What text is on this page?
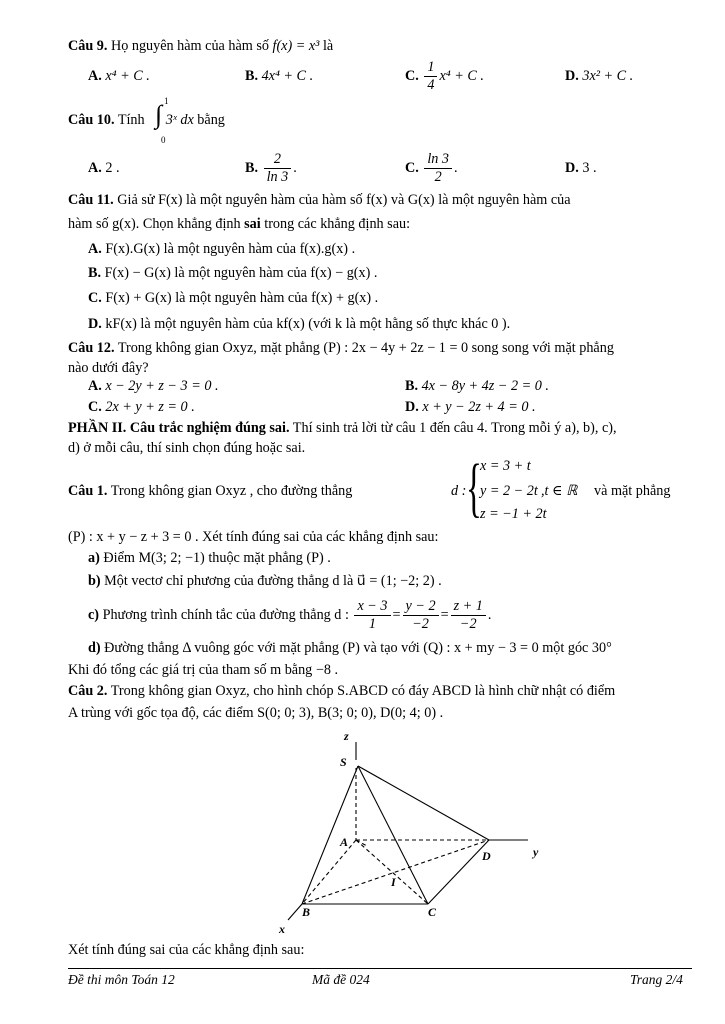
Câu 9. Họ nguyên hàm của hàm số f(x) = x³ là
A. x⁴ + C .	B. 4x⁴ + C .	C. $\frac{1}{4} x^4 + C$ .	D. 3x² + C .
Câu 10. Tính 3ˣ dx bằng
∫ 1
0
A. 2 .	B. $\frac{2}{\ln 3}$ .	C. $\frac{\ln 3}{2}$ .	D. 3 .
Câu 11. Giả sử F(x) là một nguyên hàm của hàm số f(x) và G(x) là một nguyên hàm của
hàm số g(x). Chọn khẳng định sai trong các khẳng định sau:
A. F(x).G(x) là một nguyên hàm của f(x).g(x) .
B. F(x) − G(x) là một nguyên hàm của f(x) − g(x) .
C. F(x) + G(x) là một nguyên hàm của f(x) + g(x) .
D. kF(x) là một nguyên hàm của kf(x) (với k là một hằng số thực khác 0 ).
Câu 12. Trong không gian Oxyz, mặt phẳng (P) : 2x − 4y + 2z − 1 = 0 song song với mặt phẳng
nào dưới đây?
A. x − 2y + z − 3 = 0 .	B. 4x − 8y + 4z − 2 = 0 .
C. 2x + y + z = 0 .	D. x + y − 2z + 4 = 0 .
PHẦN II. Câu trắc nghiệm đúng sai. Thí sinh trả lời từ câu 1 đến câu 4. Trong mỗi ý a), b), c),
d) ở mỗi câu, thí sinh chọn đúng hoặc sai.
Câu 1. Trong không gian Oxyz , cho đường thẳng	d : {
x = 3 + t
y = 2 − 2t
z = −1 + 2t
,t ∈ ℝ và mặt phẳng
(P) : x + y − z + 3 = 0 . Xét tính đúng sai của các khẳng định sau:
a) Điểm M(3; 2; −1) thuộc mặt phẳng (P) .
b) Một vectơ chỉ phương của đường thẳng d là u⃗ = (1; −2; 2) .
c) Phương trình chính tắc của đường thẳng d : $\frac{x - 3}{1} = \frac{y - 2}{-2} = \frac{z + 1}{-2}$ .
d) Đường thẳng Δ vuông góc với mặt phẳng (P) và tạo với (Q) : x + my − 3 = 0 một góc 30°
Khi đó tổng các giá trị của tham số m bằng −8 .
Câu 2. Trong không gian Oxyz, cho hình chóp S.ABCD có đáy ABCD là hình chữ nhật có điểm
A trùng với gốc tọa độ, các điểm S(0; 0; 3), B(3; 0; 0), D(0; 4; 0) .
z
S
A
D	y
I
B	C
x
Xét tính đúng sai của các khẳng định sau:
Đề thi môn Toán 12	Mã đề 024	Trang 2/4
